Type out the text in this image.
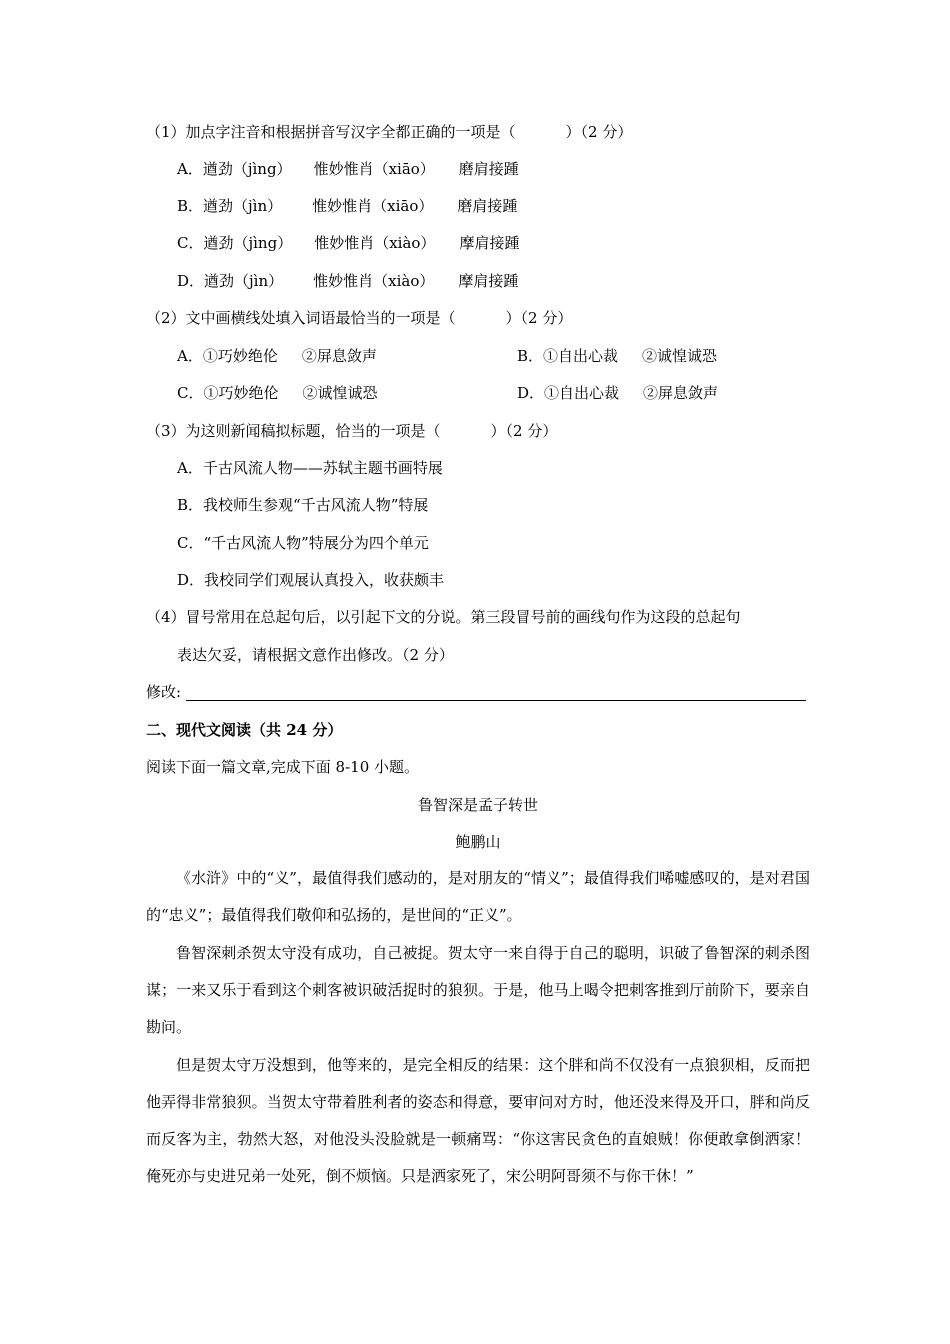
（1）加点字注音和根据拼音写汉字全都正确的一项是（	）（2 分）
A．遒劲（jìng） 惟妙惟肖（xiāo） 磨肩接踵
B．遒劲（jìn） 惟妙惟肖（xiāo） 磨肩接踵
C．遒劲（jìng） 惟妙惟肖（xiào） 摩肩接踵
D．遒劲（jìn） 惟妙惟肖（xiào） 摩肩接踵
（2）文中画横线处填入词语最恰当的一项是（	）（2 分）
A．①巧妙绝伦 ②屏息敛声	B．①自出心裁 ②诚惶诚恐
C．①巧妙绝伦 ②诚惶诚恐	D．①自出心裁 ②屏息敛声
（3）为这则新闻稿拟标题，恰当的一项是（	）（2 分）
A．千古风流人物——苏轼主题书画特展
B．我校师生参观“千古风流人物”特展
C．“千古风流人物”特展分为四个单元
D．我校同学们观展认真投入，收获颇丰
（4）冒号常用在总起句后，以引起下文的分说。第三段冒号前的画线句作为这段的总起句
表达欠妥，请根据文意作出修改。（2 分）
修改:
二、现代文阅读（共 24 分）
阅读下面一篇文章,完成下面 8-10 小题。
鲁智深是孟子转世
鲍鹏山

《水浒》中的“义”，最值得我们感动的，是对朋友的“情义”；最值得我们唏嘘感叹的，是对君国的“忠义”；最值得我们敬仰和弘扬的，是世间的“正义”。

鲁智深刺杀贺太守没有成功，自己被捉。贺太守一来自得于自己的聪明，识破了鲁智深的刺杀图谋；一来又乐于看到这个刺客被识破活捉时的狼狈。于是，他马上喝令把刺客推到厅前阶下，要亲自勘问。

但是贺太守万没想到，他等来的，是完全相反的结果：这个胖和尚不仅没有一点狼狈相，反而把他弄得非常狼狈。当贺太守带着胜利者的姿态和得意，要审问对方时，他还没来得及开口，胖和尚反而反客为主，勃然大怒，对他没头没脸就是一顿痛骂：“你这害民贪色的直娘贼！你便敢拿倒洒家！俺死亦与史进兄弟一处死，倒不烦恼。只是洒家死了，宋公明阿哥须不与你干休！”
